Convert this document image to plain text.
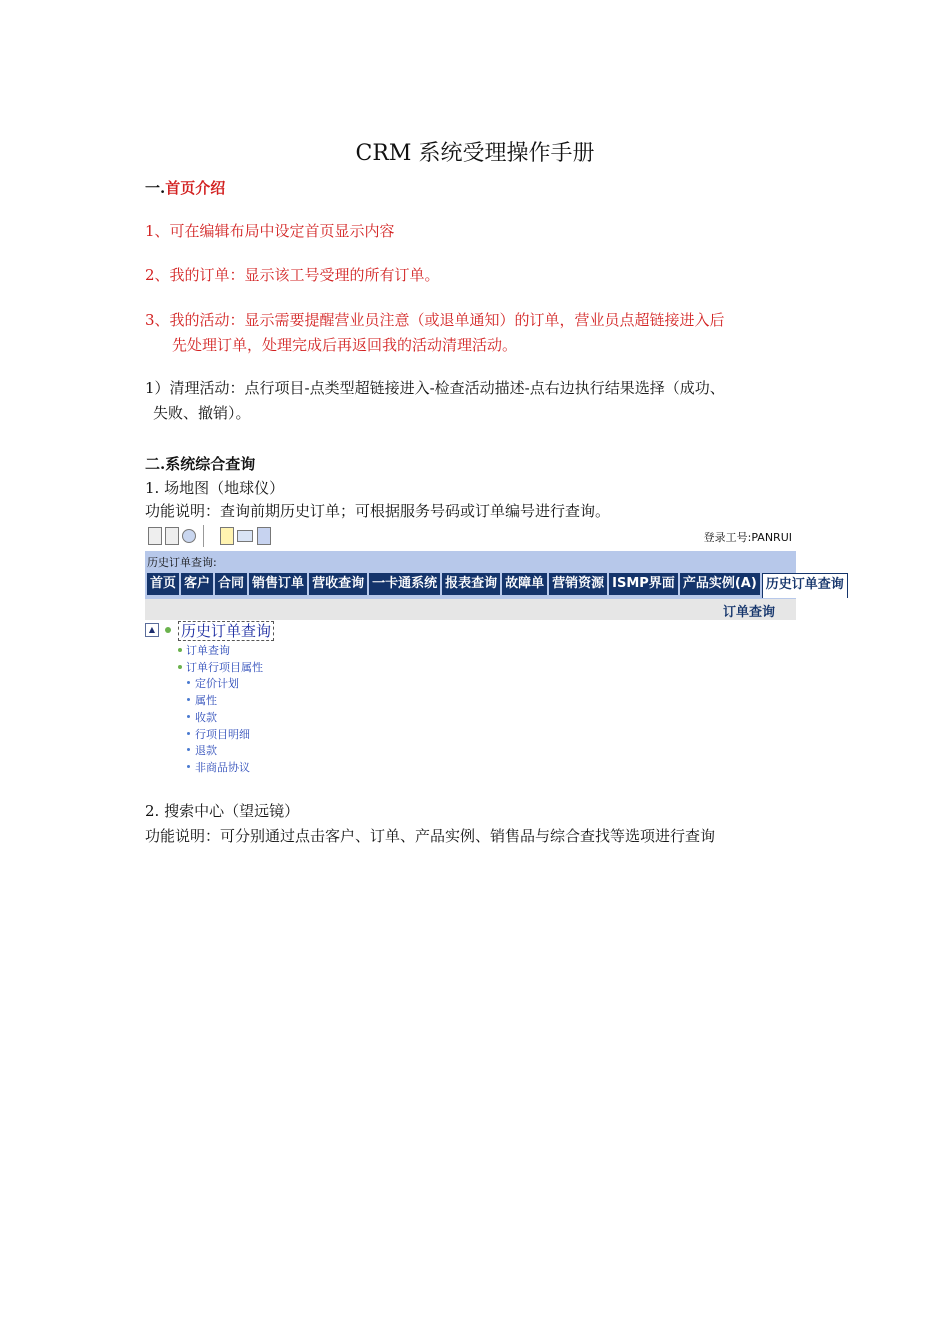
CRM 系统受理操作手册
一.首页介绍
1、可在编辑布局中设定首页显示内容
2、我的订单：显示该工号受理的所有订单。
3、我的活动：显示需要提醒营业员注意（或退单通知）的订单，营业员点超链接进入后
先处理订单，处理完成后再返回我的活动清理活动。
1）清理活动：点行项目-点类型超链接进入-检查活动描述-点右边执行结果选择（成功、
失败、撤销）。
二.系统综合查询
1. 场地图（地球仪）
功能说明：查询前期历史订单；可根据服务号码或订单编号进行查询。
登录工号:PANRUI
历史订单查询:
首页 客户 合同 销售订单 营收查询 一卡通系统 报表查询 故障单 营销资源 ISMP界面 产品实例(A) 历史订单查询
订单查询
▲ 历史订单查询
订单查询
订单行项目属性
定价计划
属性
收款
行项目明细
退款
非商品协议
2. 搜索中心（望远镜）
功能说明：可分别通过点击客户、订单、产品实例、销售品与综合查找等选项进行查询
